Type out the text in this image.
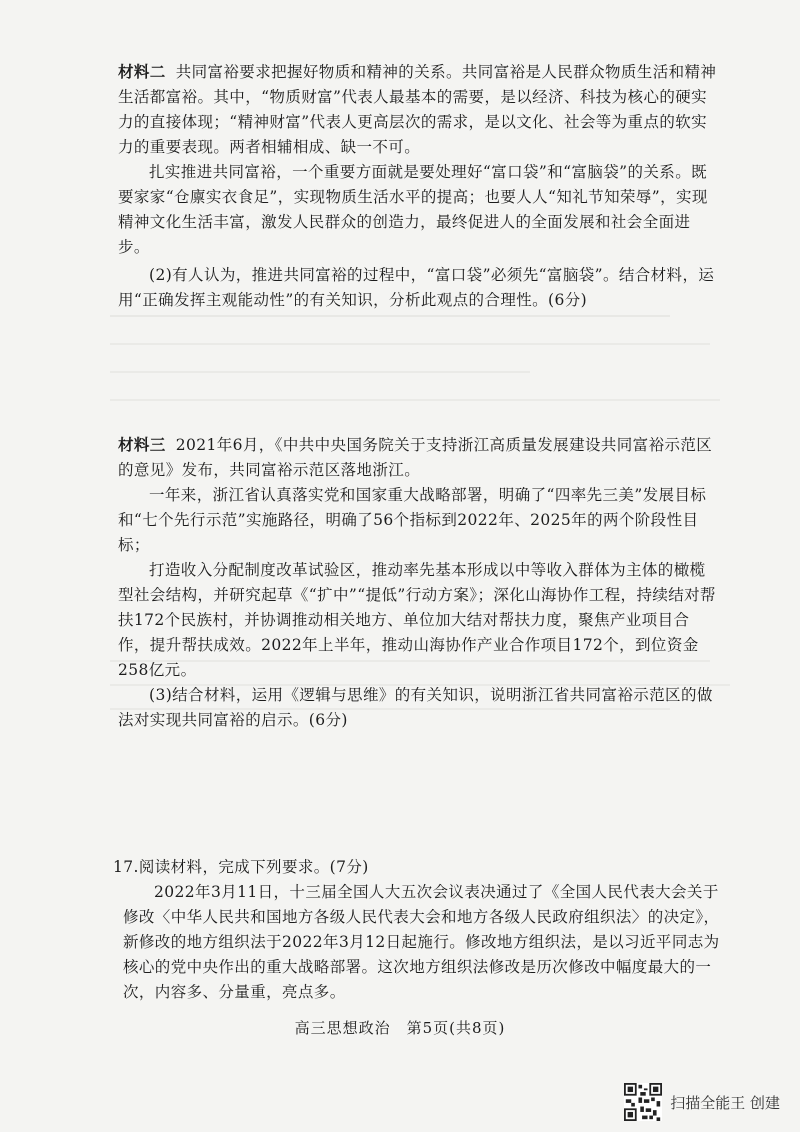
材料二 共同富裕要求把握好物质和精神的关系。共同富裕是人民群众物质生活和精神生活都富裕。其中，“物质财富”代表人最基本的需要，是以经济、科技为核心的硬实力的直接体现；“精神财富”代表人更高层次的需求，是以文化、社会等为重点的软实力的重要表现。两者相辅相成、缺一不可。

扎实推进共同富裕，一个重要方面就是要处理好“富口袋”和“富脑袋”的关系。既要家家“仓廪实衣食足”，实现物质生活水平的提高；也要人人“知礼节知荣辱”，实现精神文化生活丰富，激发人民群众的创造力，最终促进人的全面发展和社会全面进步。

(2)有人认为，推进共同富裕的过程中，“富口袋”必须先“富脑袋”。结合材料，运用“正确发挥主观能动性”的有关知识，分析此观点的合理性。(6分)

材料三 2021年6月，《中共中央国务院关于支持浙江高质量发展建设共同富裕示范区的意见》发布，共同富裕示范区落地浙江。

一年来，浙江省认真落实党和国家重大战略部署，明确了“四率先三美”发展目标和“七个先行示范”实施路径，明确了56个指标到2022年、2025年的两个阶段性目标；

打造收入分配制度改革试验区，推动率先基本形成以中等收入群体为主体的橄榄型社会结构，并研究起草《“扩中”“提低”行动方案》；深化山海协作工程，持续结对帮扶172个民族村，并协调推动相关地方、单位加大结对帮扶力度，聚焦产业项目合作，提升帮扶成效。2022年上半年，推动山海协作产业合作项目172个，到位资金258亿元。

(3)结合材料，运用《逻辑与思维》的有关知识，说明浙江省共同富裕示范区的做法对实现共同富裕的启示。(6分)

17.阅读材料，完成下列要求。(7分)

2022年3月11日，十三届全国人大五次会议表决通过了《全国人民代表大会关于修改〈中华人民共和国地方各级人民代表大会和地方各级人民政府组织法〉的决定》，新修改的地方组织法于2022年3月12日起施行。修改地方组织法，是以习近平同志为核心的党中央作出的重大战略部署。这次地方组织法修改是历次修改中幅度最大的一次，内容多、分量重，亮点多。

高三思想政治　第5页(共8页)
扫描全能王 创建
